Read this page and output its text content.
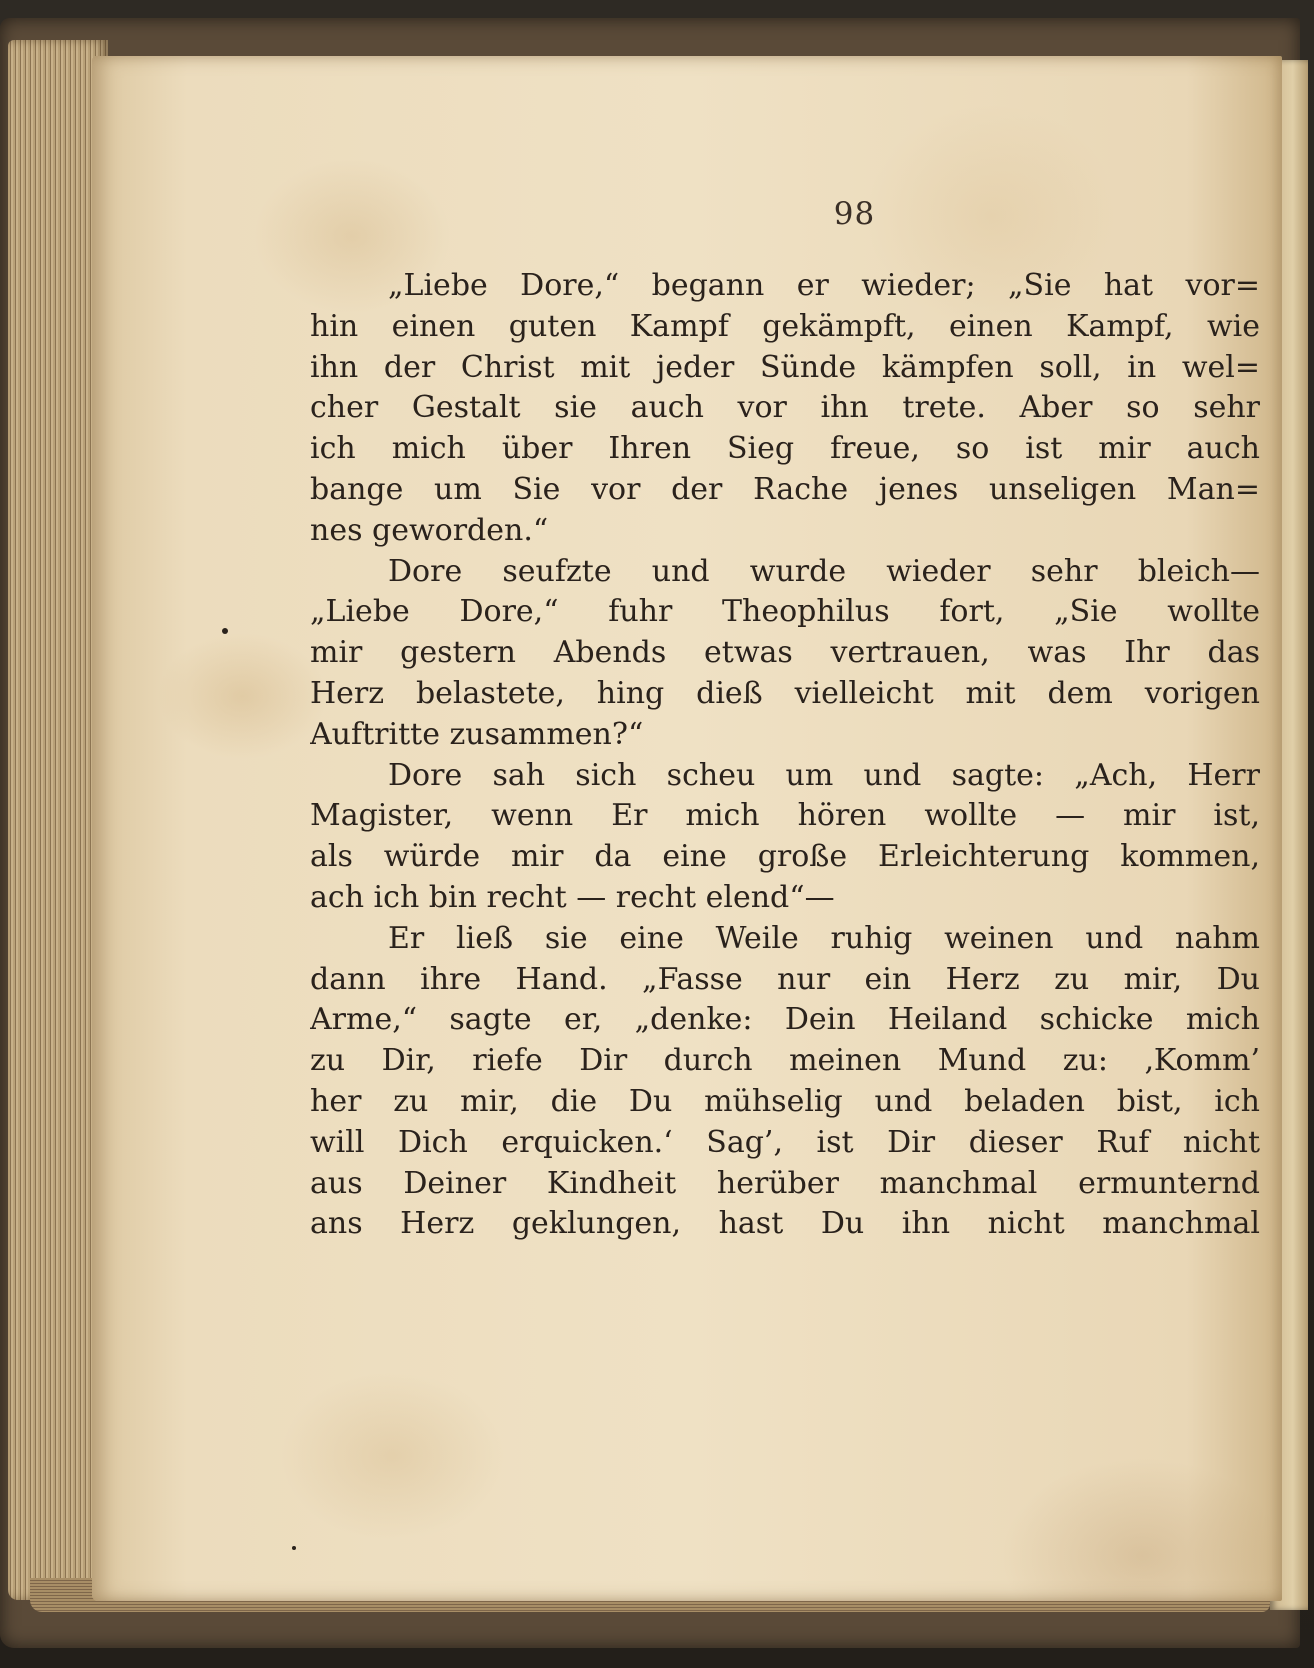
98
„Liebe Dore,“ begann er wieder; „Sie hat vor=
hin einen guten Kampf gekämpft, einen Kampf, wie
ihn der Christ mit jeder Sünde kämpfen soll, in wel=
cher Gestalt sie auch vor ihn trete. Aber so sehr
ich mich über Ihren Sieg freue, so ist mir auch
bange um Sie vor der Rache jenes unseligen Man=
nes geworden.“
Dore seufzte und wurde wieder sehr bleich—
„Liebe Dore,“ fuhr Theophilus fort, „Sie wollte
mir gestern Abends etwas vertrauen, was Ihr das
Herz belastete, hing dieß vielleicht mit dem vorigen
Auftritte zusammen?“
Dore sah sich scheu um und sagte: „Ach, Herr
Magister, wenn Er mich hören wollte — mir ist,
als würde mir da eine große Erleichterung kommen,
ach ich bin recht — recht elend“—
Er ließ sie eine Weile ruhig weinen und nahm
dann ihre Hand. „Fasse nur ein Herz zu mir, Du
Arme,“ sagte er, „denke: Dein Heiland schicke mich
zu Dir, riefe Dir durch meinen Mund zu: ‚Komm’
her zu mir, die Du mühselig und beladen bist, ich
will Dich erquicken.‘ Sag’, ist Dir dieser Ruf nicht
aus Deiner Kindheit herüber manchmal ermunternd
ans Herz geklungen, hast Du ihn nicht manchmal
